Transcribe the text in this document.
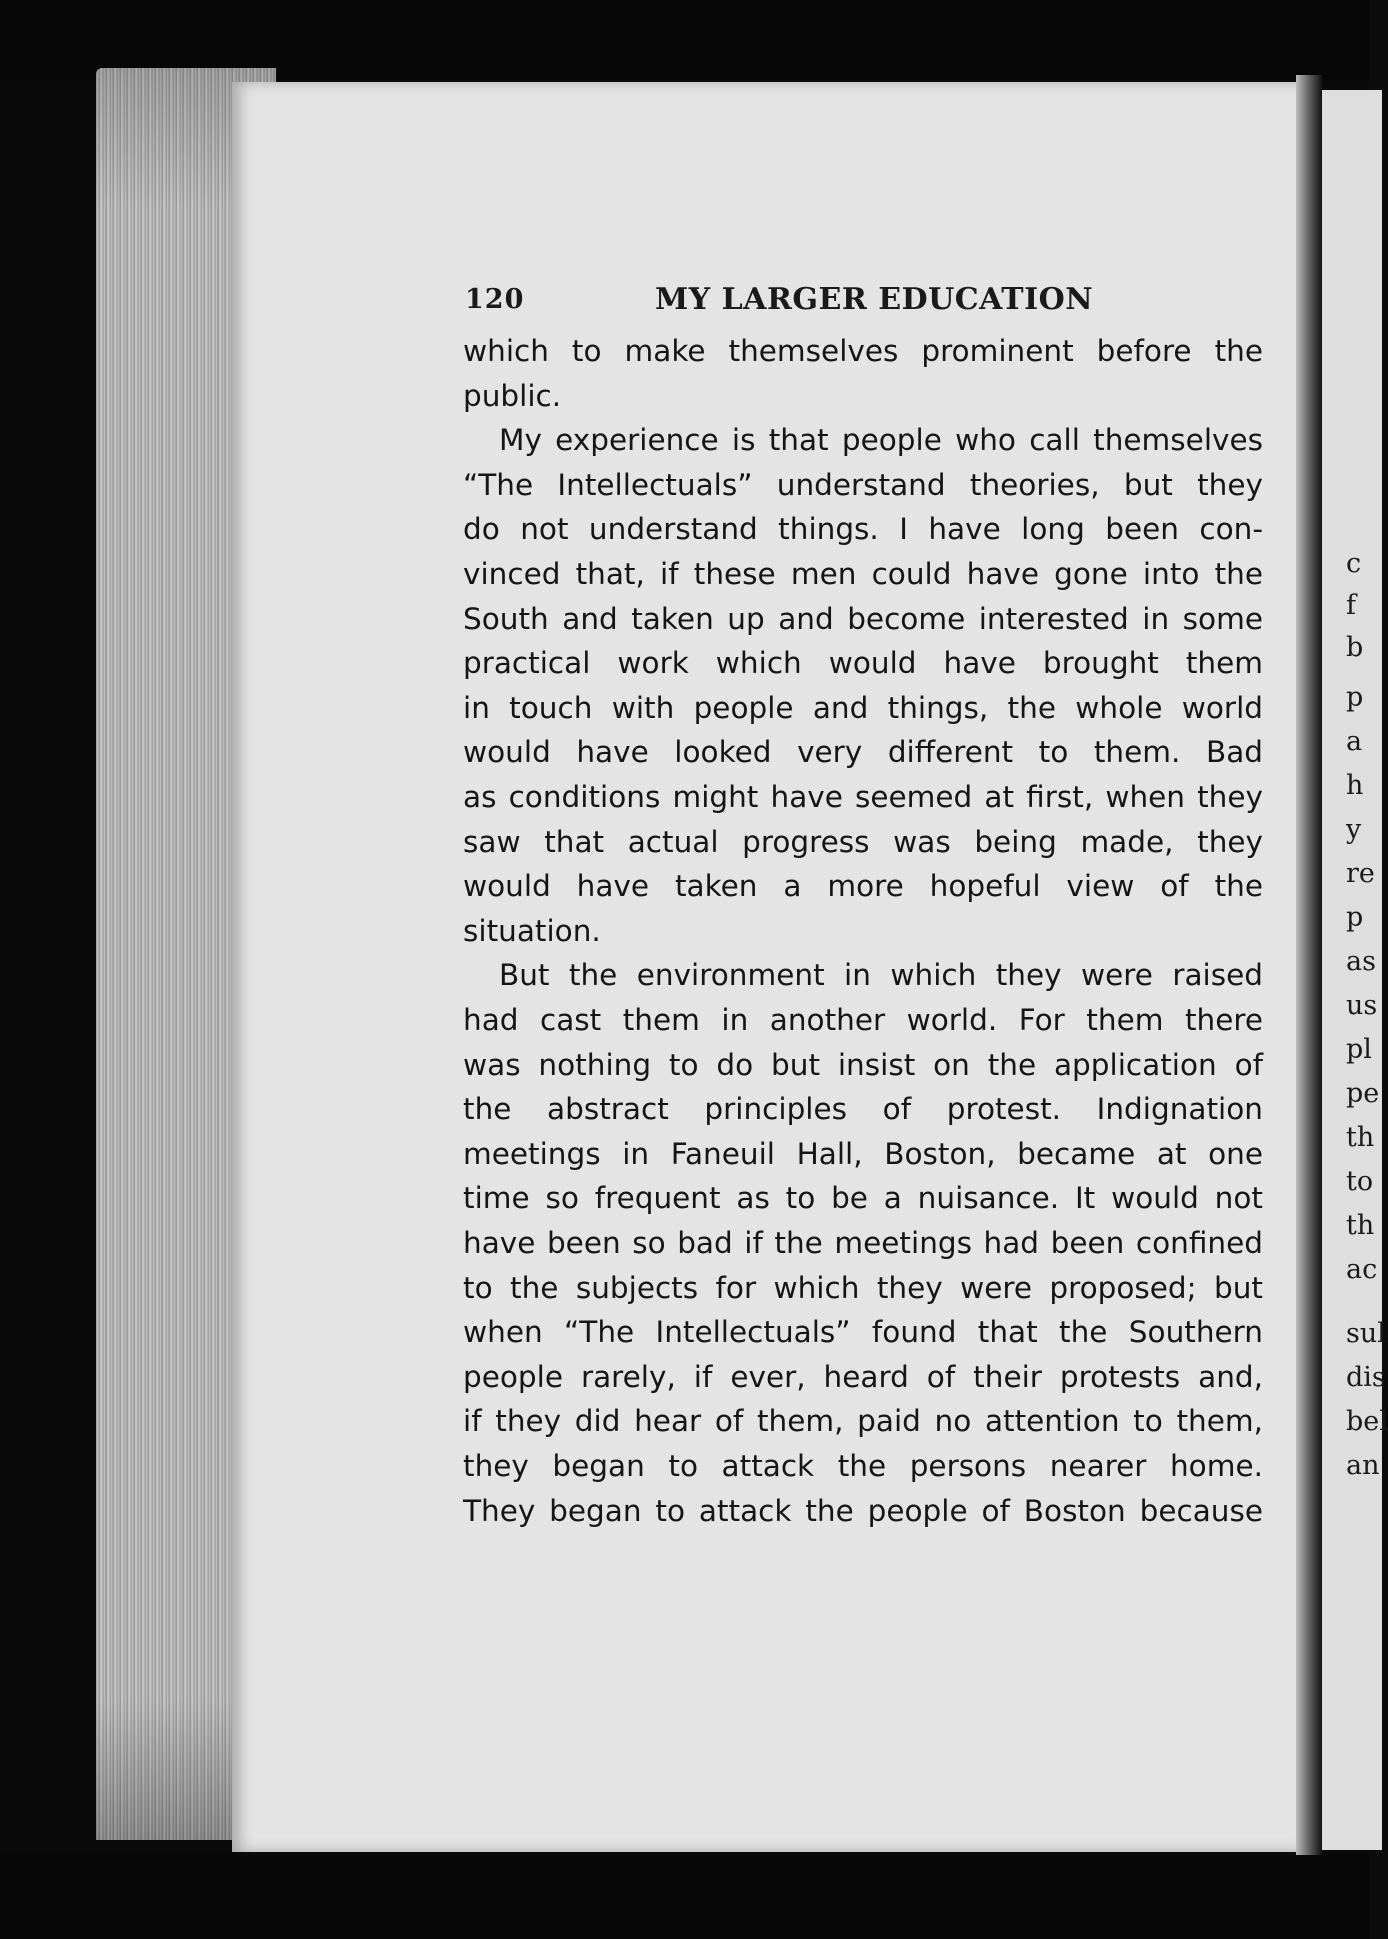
c
f
b
p
a
h
y
re
p
as
us
pl
pe
th
to
th
ac
sul
dis
bel
an
120	MY LARGER EDUCATION
which to make themselves prominent before the
public.
My experience is that people who call themselves
“The Intellectuals” understand theories, but they
do not understand things. I have long been con-
vinced that, if these men could have gone into the
South and taken up and become interested in some
practical work which would have brought them
in touch with people and things, the whole world
would have looked very different to them. Bad
as conditions might have seemed at first, when they
saw that actual progress was being made, they
would have taken a more hopeful view of the
situation.
But the environment in which they were raised
had cast them in another world. For them there
was nothing to do but insist on the application of
the abstract principles of protest. Indignation
meetings in Faneuil Hall, Boston, became at one
time so frequent as to be a nuisance. It would not
have been so bad if the meetings had been confined
to the subjects for which they were proposed; but
when “The Intellectuals” found that the Southern
people rarely, if ever, heard of their protests and,
if they did hear of them, paid no attention to them,
they began to attack the persons nearer home.
They began to attack the people of Boston because
